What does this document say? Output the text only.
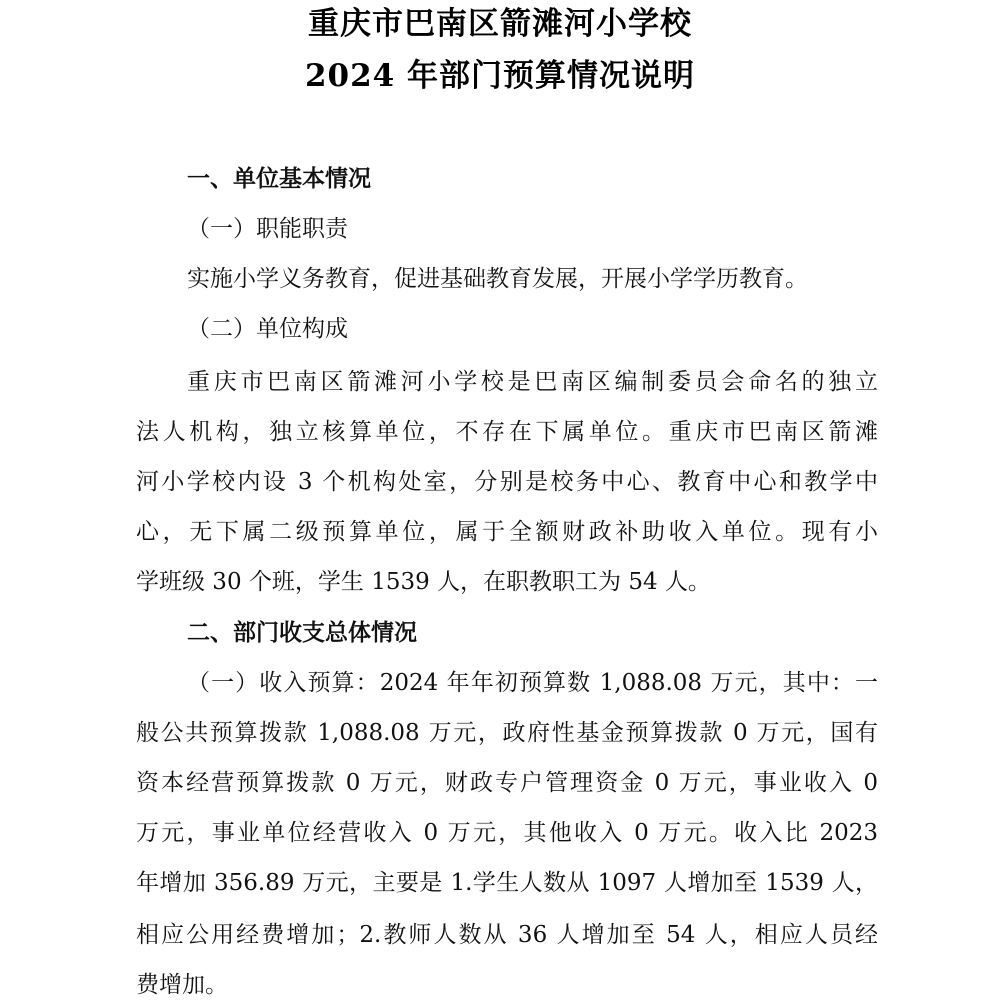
重庆市巴南区箭滩河小学校
2024 年部门预算情况说明
一、单位基本情况
（一）职能职责
实施小学义务教育，促进基础教育发展，开展小学学历教育。
（二）单位构成
重庆市巴南区箭滩河小学校是巴南区编制委员会命名的独立
法人机构，独立核算单位，不存在下属单位。重庆市巴南区箭滩
河小学校内设 3 个机构处室，分别是校务中心、教育中心和教学中
心，无下属二级预算单位，属于全额财政补助收入单位。现有小
学班级 30 个班，学生 1539 人，在职教职工为 54 人。
二、部门收支总体情况
（一）收入预算：2024 年年初预算数 1,088.08 万元，其中：一
般公共预算拨款 1,088.08 万元，政府性基金预算拨款 0 万元，国有
资本经营预算拨款 0 万元，财政专户管理资金 0 万元，事业收入 0
万元，事业单位经营收入 0 万元，其他收入 0 万元。收入比 2023
年增加 356.89 万元，主要是 1.学生人数从 1097 人增加至 1539 人，
相应公用经费增加；2.教师人数从 36 人增加至 54 人，相应人员经
费增加。
